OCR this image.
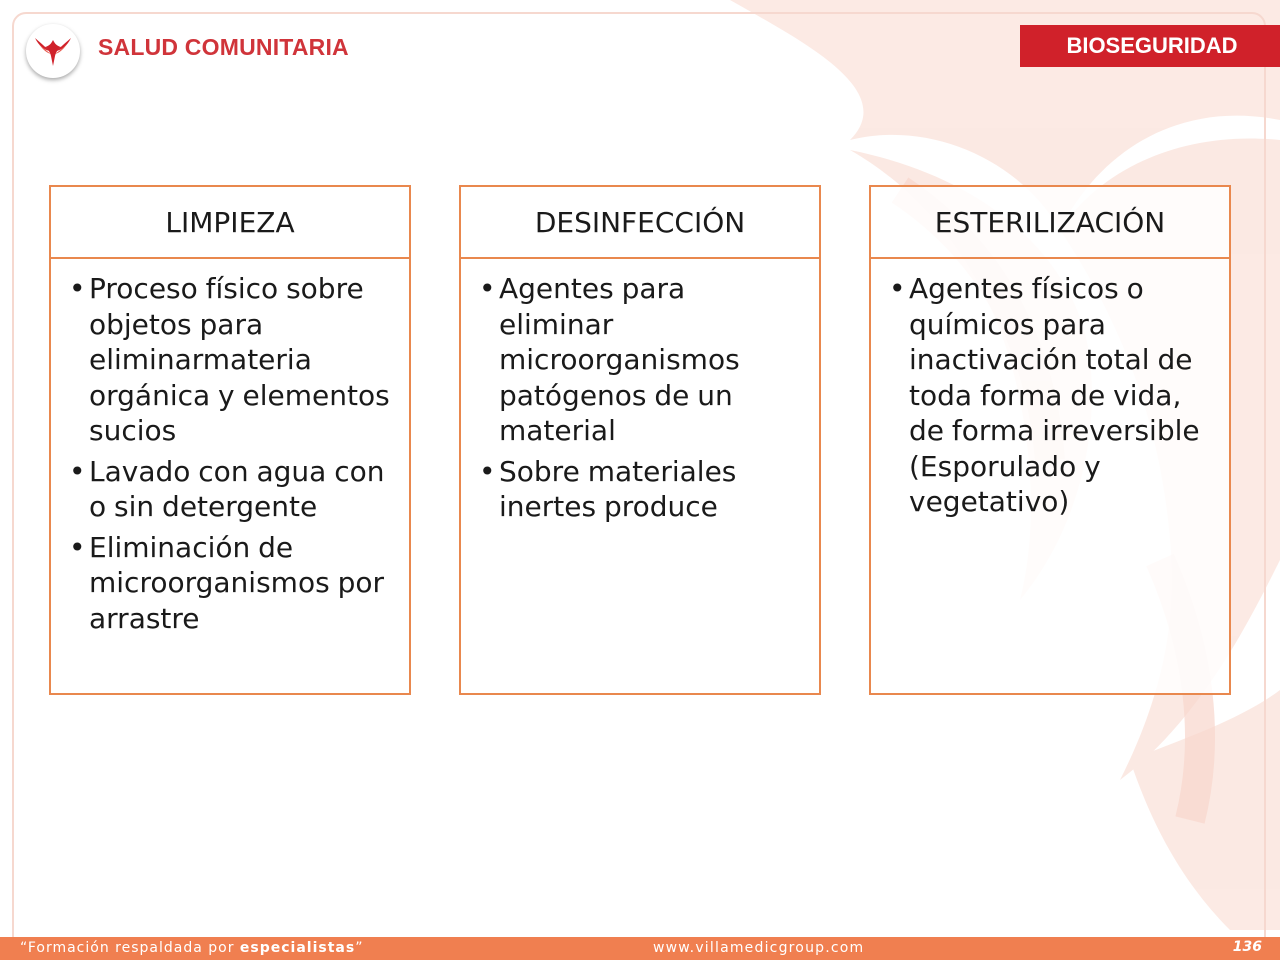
SALUD COMUNITARIA	BIOSEGURIDAD
LIMPIEZA
• Proceso físico sobre objetos para eliminarmateria orgánica y elementos sucios
• Lavado con agua con o sin detergente
• Eliminación de microorganismos por arrastre
DESINFECCIÓN
• Agentes para eliminar microorganismos patógenos de un material
• Sobre materiales inertes produce
ESTERILIZACIÓN
• Agentes físicos o químicos para inactivación total de toda forma de vida, de forma irreversible (Esporulado y vegetativo)
“Formación respaldada por especialistas”	www.villamedicgroup.com	136
